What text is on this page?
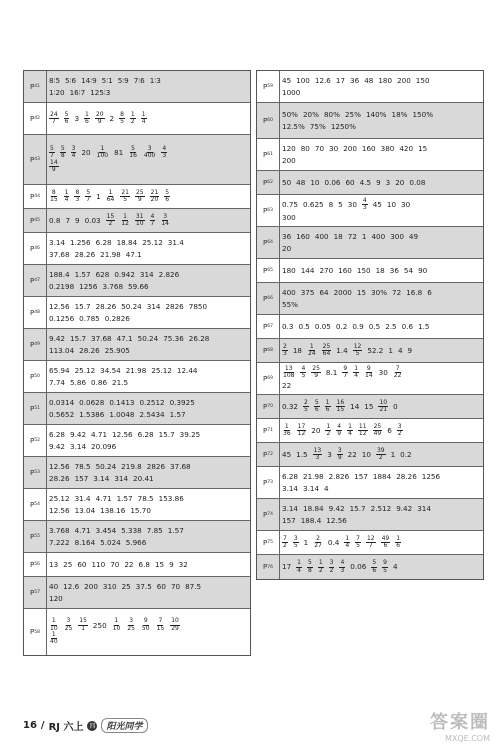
P 41
8∶5 5∶6 14∶9 5∶1 5∶9 7∶6 1∶3
1∶20 16∶7 125∶3
P $42 \frac{24}{7} \frac{5}{6} 3 \frac{1}{6} \frac{20}{9} 2 \frac{8}{5} \frac{1}{2} \frac{1}{4}$
P $43 \frac{5}{7} \frac{5}{8} \frac{3}{4} 20 \frac{1}{100} 81 \frac{5}{16} \frac{3}{400} \frac{4}{3}$
$\frac{14}{9}$
P $44 \frac{8}{15} \frac{1}{4} \frac{8}{3} \frac{5}{7} 1 \frac{1}{64} \frac{21}{5} \frac{25}{9} \frac{21}{20} \frac{5}{6}$
P 45 0.8 7 9 $0.03 \frac{15}{2} \frac{1}{12} \frac{31}{10} \frac{4}{7} \frac{3}{14}$
P 46
3.14 1.256 6.28 18.84 25.12 31.4
37.68 28.26 21.98 47.1
P 47
188.4 1.57 628 0.942 314 2.826
0.2198 1256 3.768 59.66
P 48
12.56 15.7 28.26 50.24 314 2826 7850
0.1256 0.785 0.2826
P 49
9.42 15.7 37.68 47.1 50.24 75.36 26.28
113.04 28.26 25.905
P 50
65.94 25.12 34.54 21.98 25.12 12.44
7.74 5.86 0.86 21.5
P 51
0.0314 0.0628 0.1413 0.2512 0.3925
0.5652 1.5386 1.0048 2.5434 1.57
P 52
6.28 9.42 4.71 12.56 6.28 15.7 39.25
9.42 3.14 20.096
P 53
12.56 78.5 50.24 219.8 2826 37.68
28.26 157 3.14 314 20.41
P 54
25.12 31.4 4.71 1.57 78.5 153.86
12.56 13.04 138.16 15.70
P 55
3.768 4.71 3.454 5.338 7.85 1.57
7.222 8.164 5.024 5.966
P 56 13 25 60 110 70 22 6.8 15 9 32
P 57
40 12.6 200 310 25 37.5 60 70 87.5
120
P $58 \frac{1}{10} \frac{3}{25} \frac{15}{1} 250 \frac{1}{10} \frac{3}{25} \frac{9}{50} \frac{7}{15} \frac{10}{29}$
$\frac{1}{40}$
P 59
45 100 12.6 17 36 48 180 200 150
1000
P 60
50% 20% 80% 25% 140% 18% 150%
12.5% 75% 1250%
P 61
120 80 70 30 200 160 380 420 15
200
P 62 50 48 10 0.06 60 4.5 9 3 20 0.08
P 63
0.75 0.625 8 5 $30 \frac{4}{3} 45$ 10 30
300
P 64
36 160 400 18 72 1 400 300 49
20
P 65 180 144 270 160 150 18 36 54 90
P 66
400 375 64 2000 15 30% 72 16.8 6
55%
P 67 0.3 0.5 0.05 0.2 0.9 0.5 2.5 0.6 1.5
P $68 \frac{2}{3} 18 \frac{1}{24} \frac{25}{64} 1.4 \frac{12}{5} 52.2$ 1 4 9
P $69 \frac{13}{108} \frac{4}{5} \frac{25}{9} 8.1 \frac{9}{7} \frac{1}{4} \frac{9}{14} 30 \frac{7}{22}$
22
P 70 $0.32 \frac{2}{5} \frac{5}{6} \frac{1}{6} \frac{16}{15} 14$ $15 \frac{10}{21} 0$
P $71 \frac{1}{36} \frac{17}{12} 20 \frac{1}{2} \frac{4}{9} \frac{1}{4} \frac{11}{12} \frac{25}{49} 6 \frac{3}{2}$
P 72 45 $1.5 \frac{13}{3} 3 \frac{3}{9} 22$ $10 \frac{39}{2} 1$ 0.2
P 73
6.28 21.98 2.826 157 1884 28.26 1256
3.14 3.14 4
P 74
3.14 18.84 9.42 15.7 2.512 9.42 314
157 188.4 12.56
P $75 \frac{7}{2} \frac{3}{5} 1 \frac{2}{27} 0.4 \frac{1}{4} \frac{7}{5} \frac{12}{7} \frac{49}{6} \frac{1}{6}$
P 76 $17 \frac{1}{4} \frac{5}{8} \frac{1}{2} \frac{3}{2} \frac{4}{3} 0.06 \frac{5}{6} \frac{9}{5} 4$
16 / RJ 六上 四	阳光同学	答案圈
MXQE.COM
